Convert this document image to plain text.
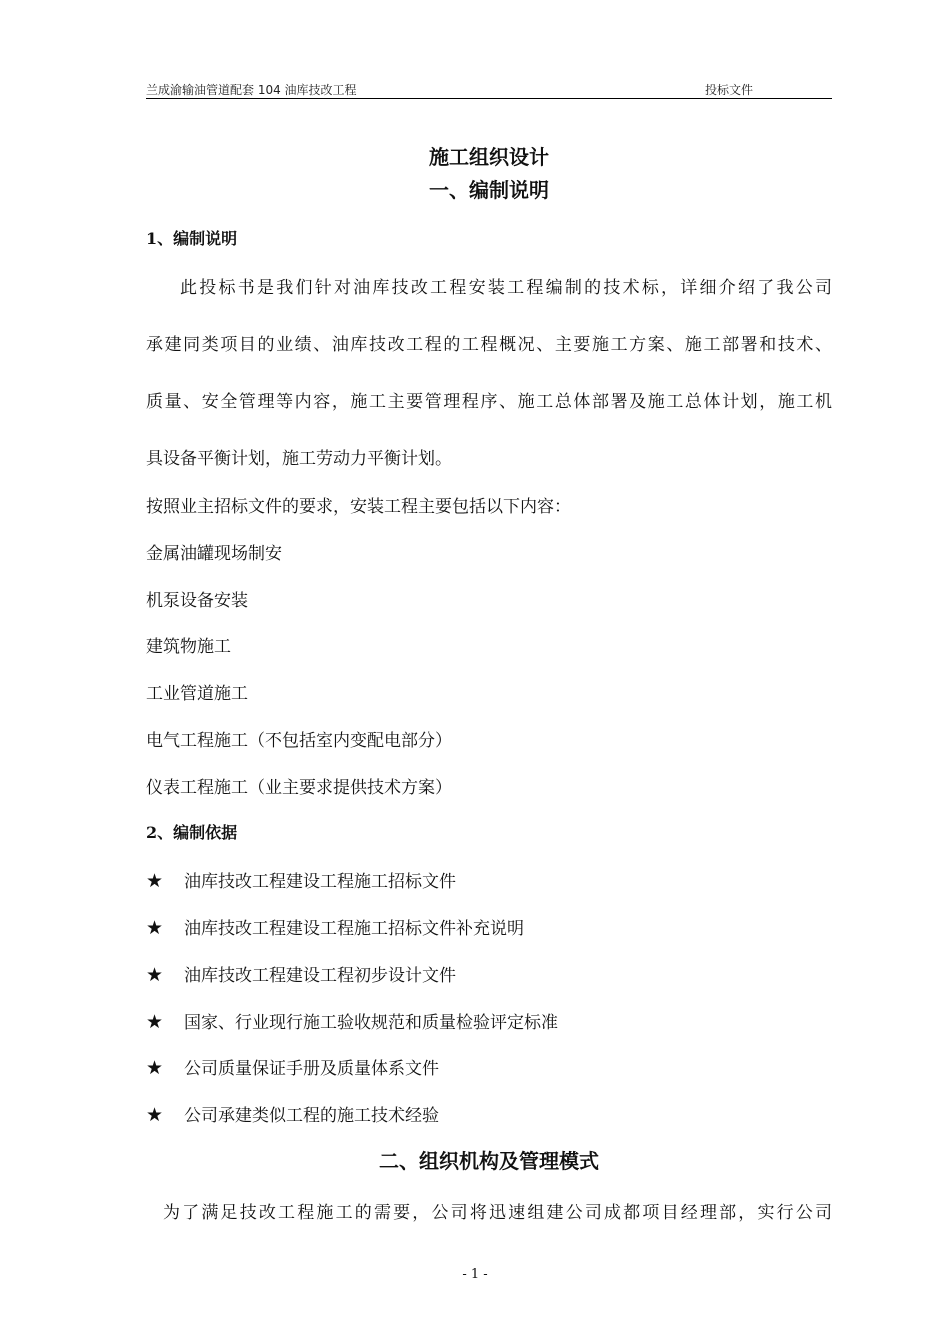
兰成渝输油管道配套 104 油库技改工程	投标文件
施工组织设计
一、编制说明
1、编制说明

此投标书是我们针对油库技改工程安装工程编制的技术标，详细介绍了我公司

承建同类项目的业绩、油库技改工程的工程概况、主要施工方案、施工部署和技术、

质量、安全管理等内容，施工主要管理程序、施工总体部署及施工总体计划，施工机

具设备平衡计划，施工劳动力平衡计划。

按照业主招标文件的要求，安装工程主要包括以下内容：

金属油罐现场制安

机泵设备安装

建筑物施工

工业管道施工

电气工程施工（不包括室内变配电部分）

仪表工程施工（业主要求提供技术方案）

2、编制依据
★ 油库技改工程建设工程施工招标文件
★ 油库技改工程建设工程施工招标文件补充说明
★ 油库技改工程建设工程初步设计文件
★ 国家、行业现行施工验收规范和质量检验评定标准
★ 公司质量保证手册及质量体系文件
★ 公司承建类似工程的施工技术经验
二、组织机构及管理模式

为了满足技改工程施工的需要，公司将迅速组建公司成都项目经理部，实行公司

- 1 -
